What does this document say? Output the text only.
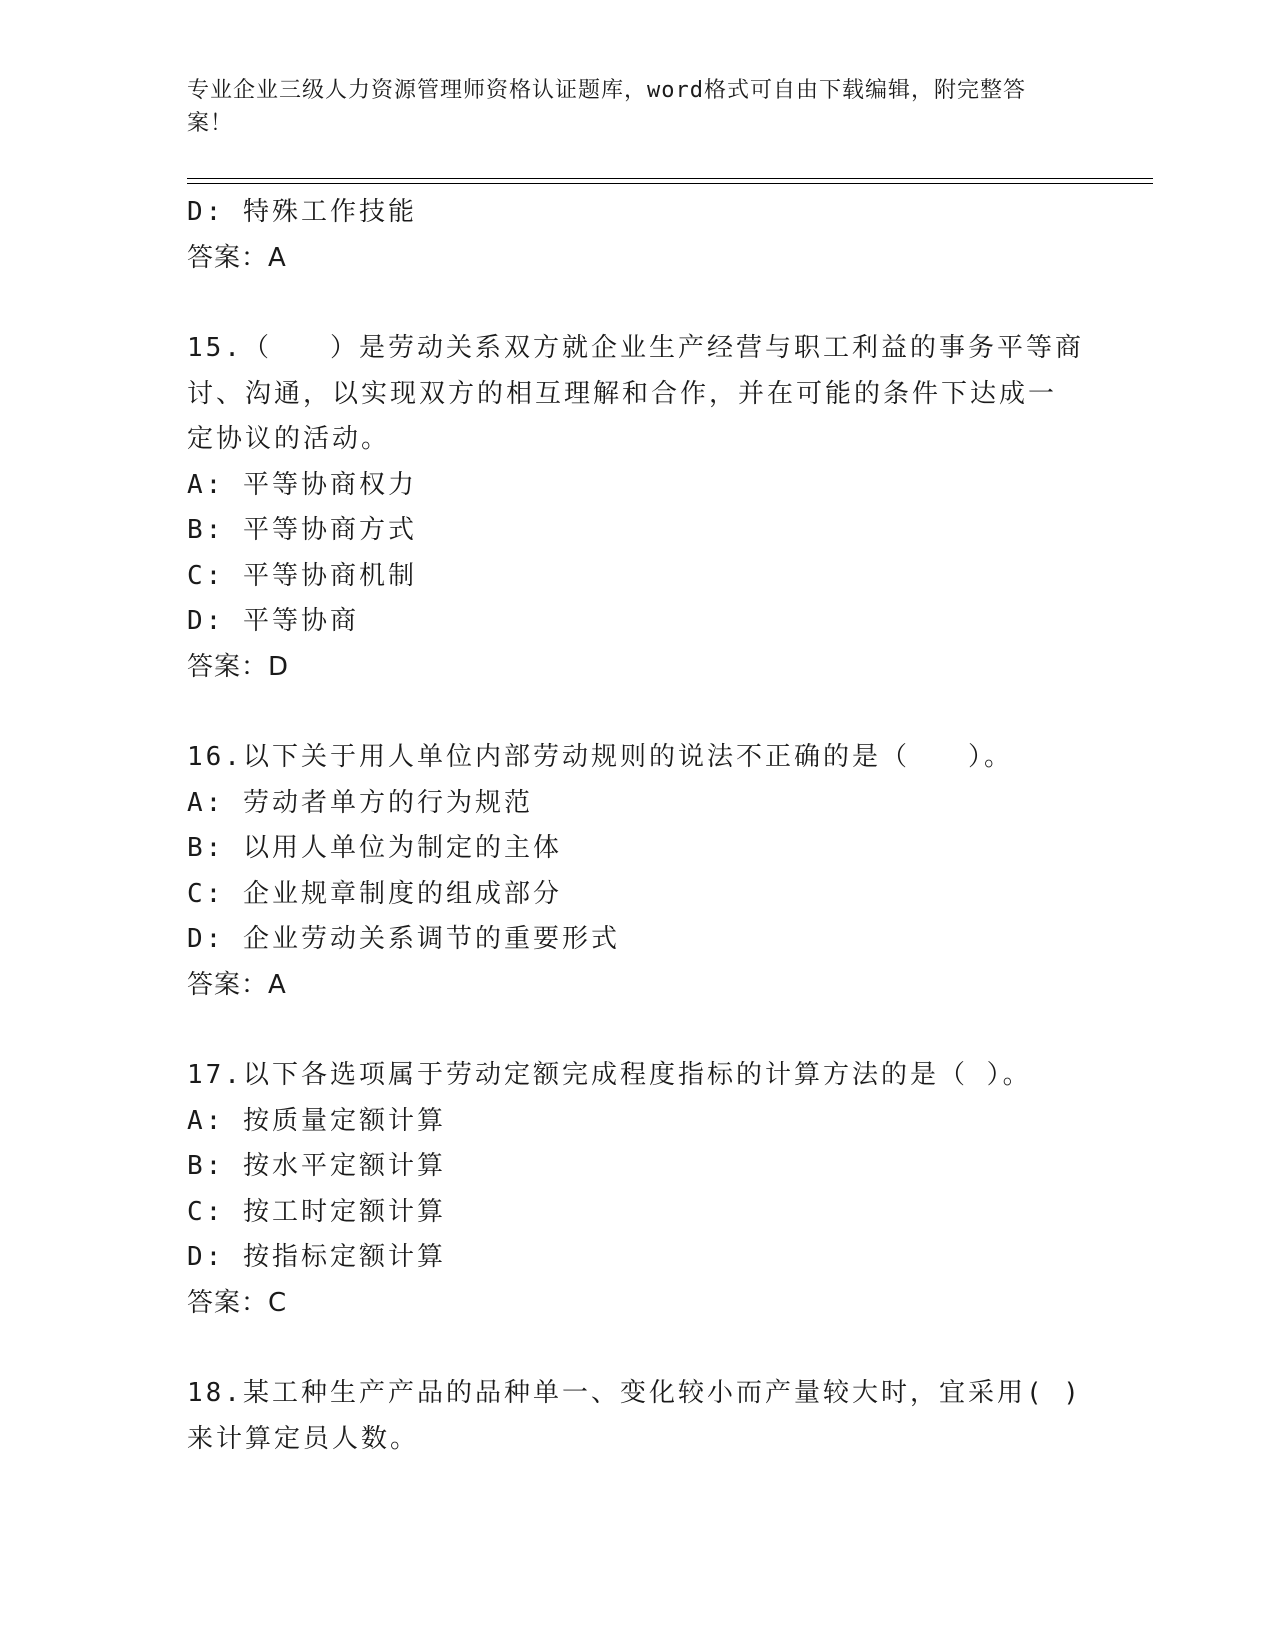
专业企业三级人力资源管理师资格认证题库，word格式可自由下载编辑，附完整答案！
D: 特殊工作技能
答案：A
15.（　　）是劳动关系双方就企业生产经营与职工利益的事务平等商
讨、沟通，以实现双方的相互理解和合作，并在可能的条件下达成一
定协议的活动。
A: 平等协商权力
B: 平等协商方式
C: 平等协商机制
D: 平等协商
答案：D
16.以下关于用人单位内部劳动规则的说法不正确的是（　　）。
A: 劳动者单方的行为规范
B: 以用人单位为制定的主体
C: 企业规章制度的组成部分
D: 企业劳动关系调节的重要形式
答案：A
17.以下各选项属于劳动定额完成程度指标的计算方法的是（ ）。
A: 按质量定额计算
B: 按水平定额计算
C: 按工时定额计算
D: 按指标定额计算
答案：C
18.某工种生产产品的品种单一、变化较小而产量较大时，宜采用( )
来计算定员人数。
